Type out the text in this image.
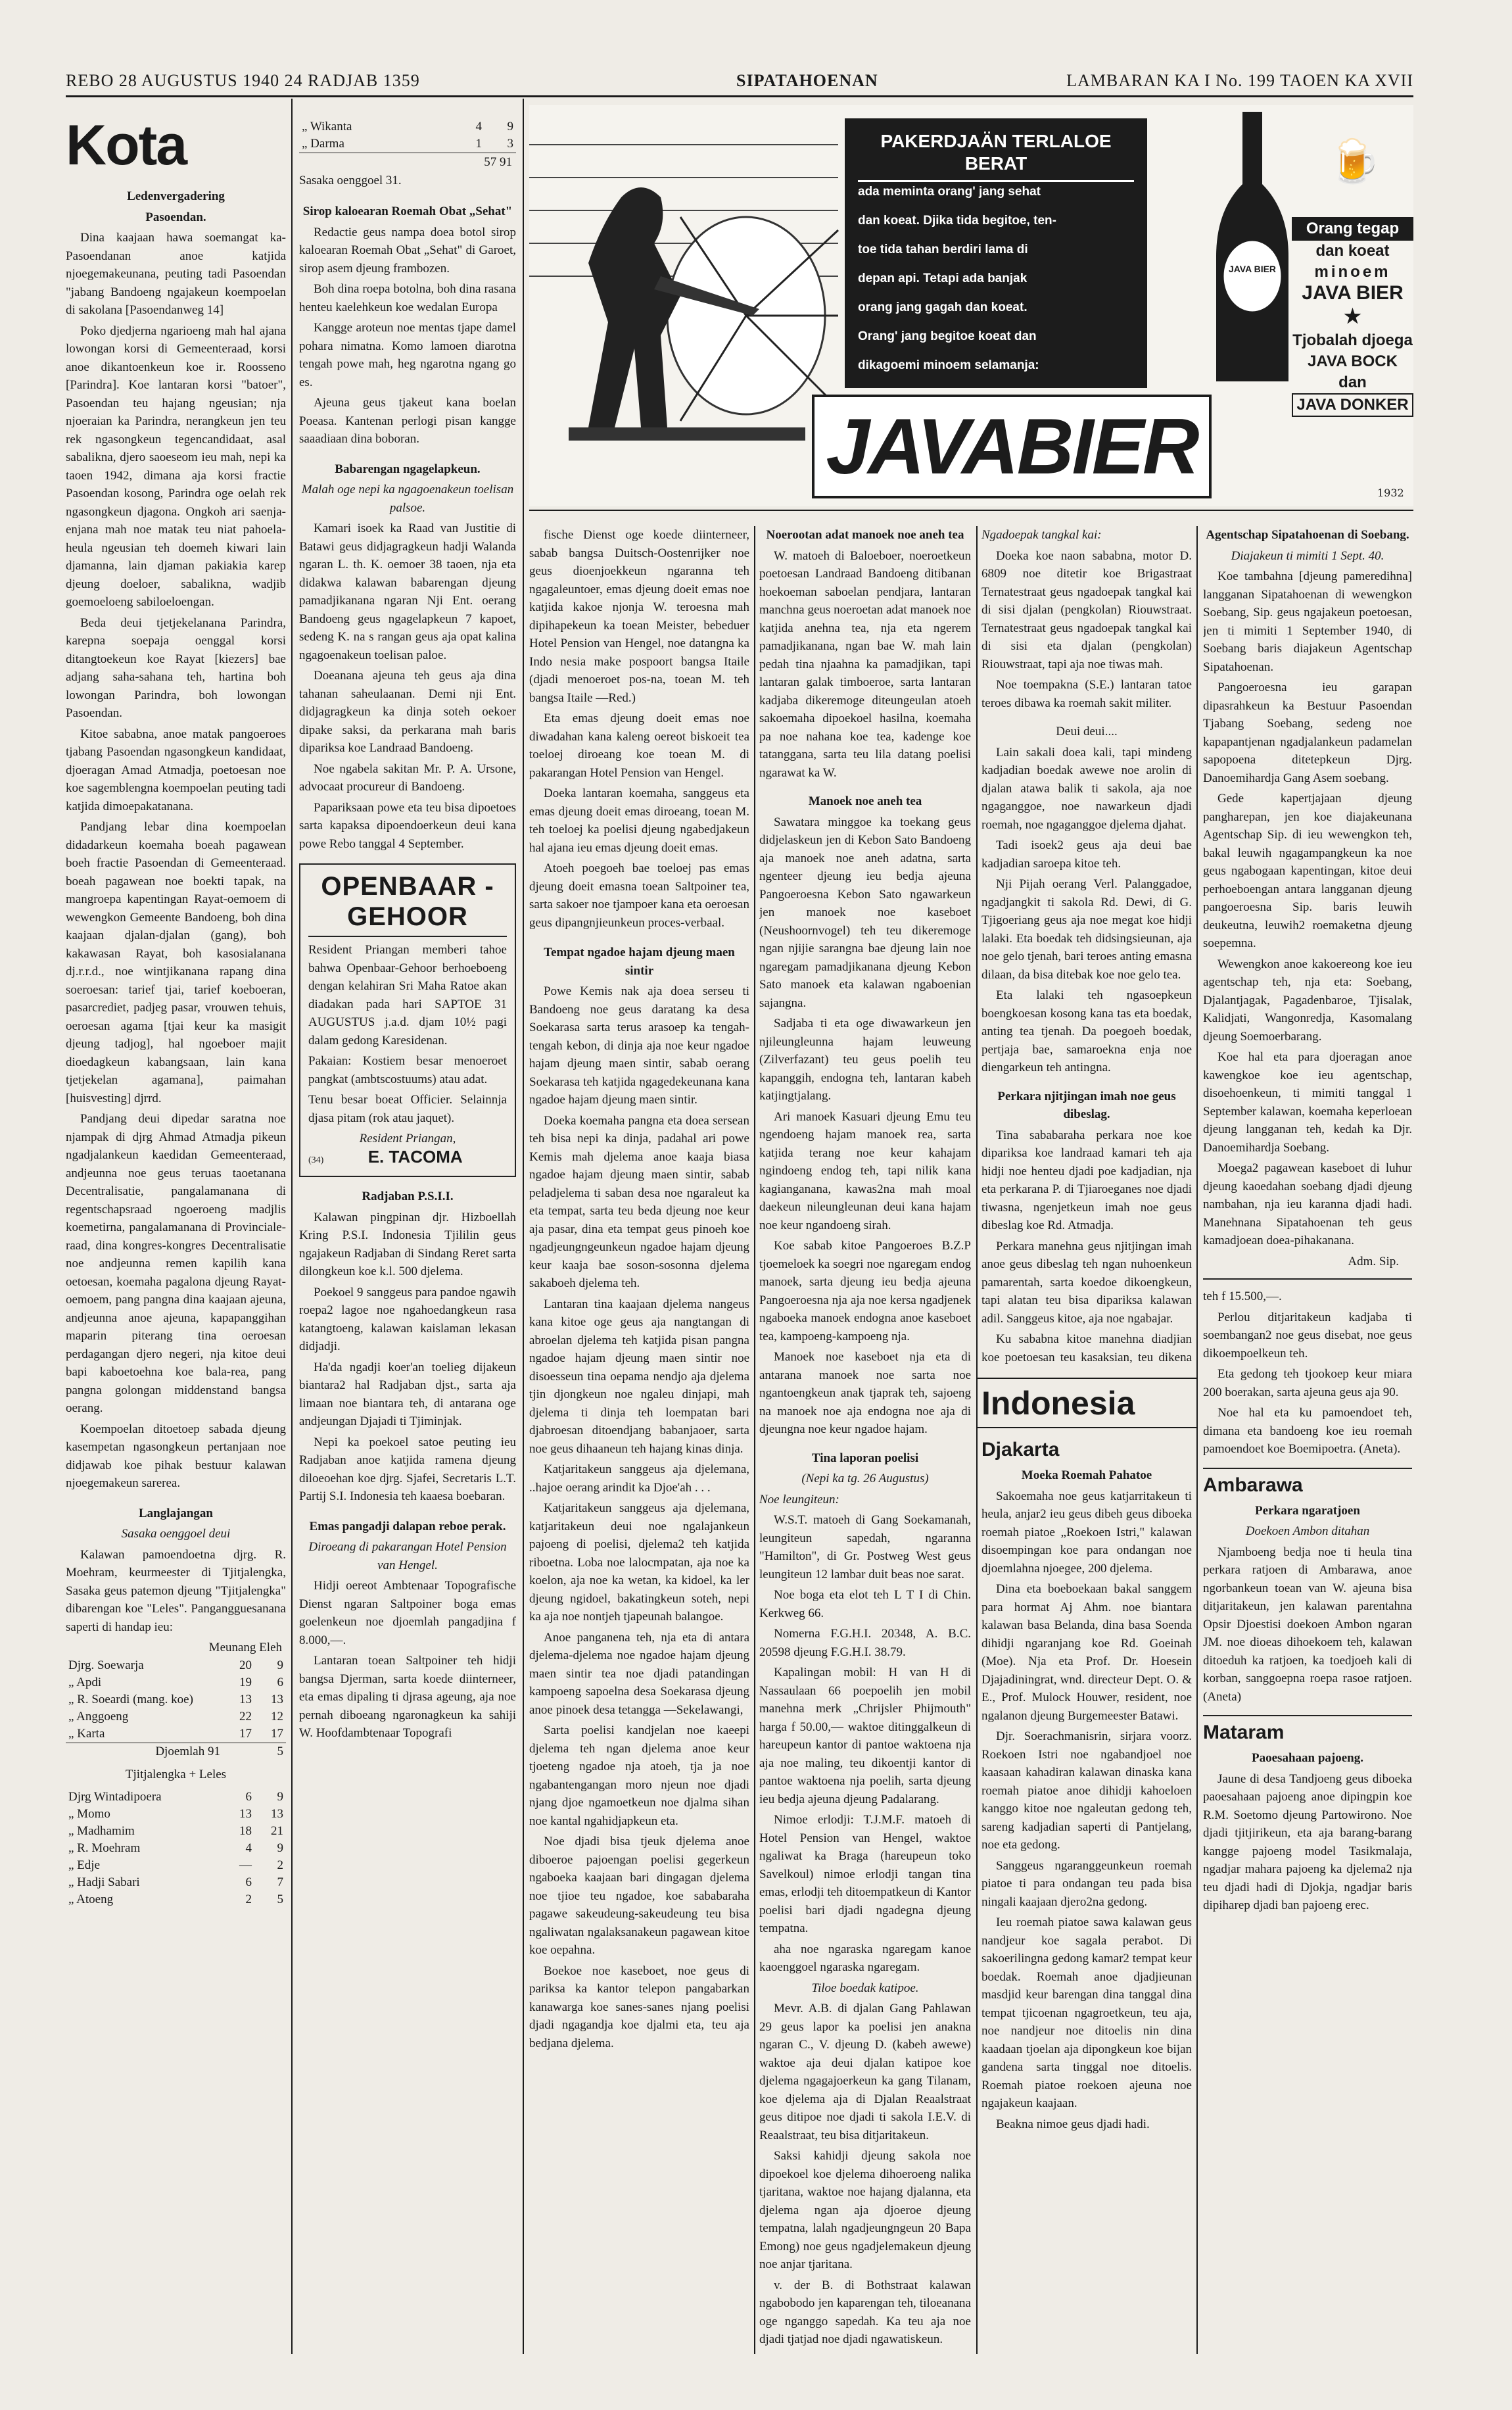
REBO 28 AUGUSTUS 1940 24 RADJAB 1359	SIPATAHOENAN	LAMBARAN KA I No. 199 TAOEN KA XVII
Kota

Ledenvergadering

Pasoendan.

Dina kaajaan hawa soemangat ka-Pasoendanan anoe katjida njoegemakeunana, peuting tadi Pasoendan "jabang Bandoeng ngajakeun koempoelan di sakolana [Pasoendanweg 14]

Poko djedjerna ngarioeng mah hal ajana lowongan korsi di Gemeenteraad, korsi anoe dikantoenkeun koe ir. Roosseno [Parindra]. Koe lantaran korsi "batoer", Pasoendan teu hajang ngeusian; nja njoeraian ka Parindra, nerangkeun jen teu rek ngasongkeun tegencandidaat, asal sabalikna, djero saoeseom ieu mah, nepi ka taoen 1942, dimana aja korsi fractie Pasoendan kosong, Parindra oge oelah rek ngasongkeun djagona. Ongkoh ari saenja-enjana mah noe matak teu niat pahoela-heula ngeusian teh doemeh kiwari lain djamanna, lain djaman pakiakia karep djeung doeloer, sabalikna, wadjib goemoeloeng sabiloeloengan.

Beda deui tjetjekelanana Parindra, karepna soepaja oenggal korsi ditangtoekeun koe Rayat [kiezers] bae adjang saha-sahana teh, hartina boh lowongan Parindra, boh lowongan Pasoendan.

Kitoe sababna, anoe matak pangoeroes tjabang Pasoendan ngasongkeun kandidaat, djoeragan Amad Atmadja, poetoesan noe koe sagemblengna koempoelan peuting tadi katjida dimoepakatanana.

Pandjang lebar dina koempoelan didadarkeun koemaha boeah pagawean boeh fractie Pasoendan di Gemeenteraad. boeah pagawean noe boekti tapak, na mangroepa kapentingan Rayat-oemoem di wewengkon Gemeente Bandoeng, boh dina kaajaan djalan-djalan (gang), boh kakawasan Rayat, boh kasosialanana dj.r.r.d., noe wintjikanana rapang dina soeroesan: tarief tjai, tarief koeboeran, pasarcrediet, padjeg pasar, vrouwen tehuis, oeroesan agama [tjai keur ka masigit djeung tadjog], hal ngoeboer majit dioedagkeun kabangsaan, lain kana tjetjekelan agamana], paimahan [huisvesting] djrrd.

Pandjang deui dipedar saratna noe njampak di djrg Ahmad Atmadja pikeun ngadjalankeun kaedidan Gemeenteraad, andjeunna noe geus teruas taoetanana Decentralisatie, pangalamanana di regentschapsraad ngoeroeng madjlis koemetirna, pangalamanana di Provinciale-raad, dina kongres-kongres Decentralisatie noe andjeunna remen kapilih kana oetoesan, koemaha pagalona djeung Rayat-oemoem, pang pangna dina kaajaan ajeuna, andjeunna anoe ajeuna, kapapanggihan maparin piterang tina oeroesan perdagangan djero negeri, nja kitoe deui bapi kaboetoehna koe bala-rea, pang pangna golongan middenstand bangsa oerang.

Koempoelan ditoetoep sabada djeung kasempetan ngasongkeun pertanjaan noe didjawab koe pihak bestuur kalawan njoegemakeun sarerea.

Langlajangan

Sasaka oenggoel deui

Kalawan pamoendoetna djrg. R. Moehram, keurmeester di Tjitjalengka, Sasaka geus patemon djeung "Tjitjalengka" dibarengan koe "Leles". Pangangguesanana saperti di handap ieu:

Meunang Eleh
Djrg. Soewarja	20	9
„ Apdi	19	6
„ R. Soeardi (mang. koe)	13	13
„ Anggoeng	22	12
„ Karta	17	17
Djoemlah 91		5
Tjitjalengka + Leles
Djrg Wintadipoera	6	9
„ Momo	13	13
„ Madhamim	18	21
„ R. Moehram	4	9
„ Edje	—	2
„ Hadji Sabari	6	7
„ Atoeng	2	5
„ Wikanta	4	9
„ Darma	1	3
57 91
Sasaka oenggoel 31.

Sirop kaloearan Roemah Obat „Sehat"

Redactie geus nampa doea botol sirop kaloearan Roemah Obat „Sehat" di Garoet, sirop asem djeung frambozen.

Boh dina roepa botolna, boh dina rasana henteu kaelehkeun koe wedalan Europa

Kangge aroteun noe mentas tjape damel pohara nimatna. Komo lamoen diarotna tengah powe mah, heg ngarotna ngang go es.

Ajeuna geus tjakeut kana boelan Poeasa. Kantenan perlogi pisan kangge saaadiaan dina boboran.

Babarengan ngagelapkeun.

Malah oge nepi ka ngagoenakeun toelisan palsoe.

Kamari isoek ka Raad van Justitie di Batawi geus didjagragkeun hadji Walanda ngaran L. th. K. oemoer 38 taoen, nja eta didakwa kalawan babarengan djeung pamadjikanana ngaran Nji Ent. oerang Bandoeng geus ngagelapkeun 7 kapoet, sedeng K. na s rangan geus aja opat kalina ngagoenakeun toelisan paloe.

Doeanana ajeuna teh geus aja dina tahanan saheulaanan. Demi nji Ent. didjagragkeun ka dinja soteh oekoer dipake saksi, da perkarana mah baris dipariksa koe Landraad Bandoeng.

Noe ngabela sakitan Mr. P. A. Ursone, advocaat procureur di Bandoeng.

Papariksaan powe eta teu bisa dipoetoes sarta kapaksa dipoendoerkeun deui kana powe Rebo tanggal 4 September.

OPENBAAR - GEHOOR

Resident Priangan memberi tahoe bahwa Openbaar-Gehoor berhoeboeng dengan kelahiran Sri Maha Ratoe akan diadakan pada hari SAPTOE 31 AUGUSTUS j.a.d. djam 10½ pagi dalam gedong Karesidenan.

Pakaian: Kostiem besar menoeroet pangkat (ambtscostuums) atau adat.

Tenu besar boeat Officier. Selainnja djasa pitam (rok atau jaquet).

Resident Priangan,
(34)	E. TACOMA

Radjaban P.S.I.I.

Kalawan pingpinan djr. Hizboellah Kring P.S.I. Indonesia Tjililin geus ngajakeun Radjaban di Sindang Reret sarta dilongkeun koe k.l. 500 djelema.

Poekoel 9 sanggeus para pandoe ngawih roepa2 lagoe noe ngahoedangkeun rasa katangtoeng, kalawan kaislaman lekasan didjadji.

Ha'da ngadji koer'an toelieg dijakeun biantara2 hal Radjaban djst., sarta aja limaan noe biantara teh, di antarana oge andjeungan Djajadi ti Tjiminjak.

Nepi ka poekoel satoe peuting ieu Radjaban anoe katjida ramena djeung diloeoehan koe djrg. Sjafei, Secretaris L.T. Partij S.I. Indonesia teh kaaesa boebaran.

Emas pangadji dalapan reboe perak.

Diroeang di pakarangan Hotel Pension van Hengel.

Hidji oereot Ambtenaar Topografische Dienst ngaran Saltpoiner boga emas goelenkeun noe djoemlah pangadjina f 8.000,—.

Lantaran toean Saltpoiner teh hidji bangsa Djerman, sarta koede diinterneer, eta emas dipaling ti djrasa ageung, aja noe pernah diboeang ngaronagkeun ka sahiji W. Hoofdambtenaar Topografi

PAKERDJAÄN TERLALOE BERAT
ada meminta orang' jang sehat
dan koeat. Djika tida begitoe, ten-
toe tida tahan berdiri lama di
depan api. Tetapi ada banjak
orang jang gagah dan koeat.
Orang' jang begitoe koeat dan
dikagoemi minoem selamanja:
JAVABIER
JAVA BIER
🍺
Orang tegap
dan koeat
minoem
JAVA BIER
★
Tjobalah djoega
JAVA BOCK dan
JAVA DONKER
1932

fische Dienst oge koede diinterneer, sabab bangsa Duitsch-Oostenrijker noe geus dioenjoekkeun ngaranna teh ngagaleuntoer, emas djeung doeit emas noe katjida kakoe njonja W. teroesna mah dipihapekeun ka toean Meister, bebeduer Hotel Pension van Hengel, noe datangna ka Indo nesia make pospoort bangsa Itaile (djadi menoeroet pos-na, toean M. teh bangsa Itaile —Red.)

Eta emas djeung doeit emas noe diwadahan kana kaleng oereot biskoeit tea toeloej diroeang koe toean M. di pakarangan Hotel Pension van Hengel.

Doeka lantaran koemaha, sanggeus eta emas djeung doeit emas diroeang, toean M. teh toeloej ka poelisi djeung ngabedjakeun hal ajana ieu emas djeung doeit emas.

Atoeh poegoeh bae toeloej pas emas djeung doeit emasna toean Saltpoiner tea, sarta sakoer noe tjampoer kana eta oeroesan geus dipangnjieunkeun proces-verbaal.

Tempat ngadoe hajam djeung maen sintir

Powe Kemis nak aja doea serseu ti Bandoeng noe geus daratang ka desa Soekarasa sarta terus arasoep ka tengah-tengah kebon, di dinja aja noe keur ngadoe hajam djeung maen sintir, sabab oerang Soekarasa teh katjida ngagedekeunana kana ngadoe hajam djeung maen sintir.

Doeka koemaha pangna eta doea sersean teh bisa nepi ka dinja, padahal ari powe Kemis mah djelema anoe kaaja biasa ngadoe hajam djeung maen sintir, sabab peladjelema ti saban desa noe ngaraleut ka eta tempat, sarta teu beda djeung noe keur aja pasar, dina eta tempat geus pinoeh koe ngadjeungngeunkeun ngadoe hajam djeung keur kaaja bae soson-sosonna djelema sakaboeh djelema teh.

Lantaran tina kaajaan djelema nangeus kana kitoe oge geus aja nangtangan di abroelan djelema teh katjida pisan pangna ngadoe hajam djeung maen sintir noe disoesseun tina oepama nendjo aja djelema tjin djongkeun noe ngaleu dinjapi, mah djelema ti dinja teh loempatan bari djabroesan ditoendjang babanjaoer, sarta noe geus dihaaneun teh hajang kinas dinja.

Katjaritakeun sanggeus aja djelemana, ..hajoe oerang arindit ka Djoe'ah . . .

Katjaritakeun sanggeus aja djelemana, katjaritakeun deui noe ngalajankeun pajoeng di poelisi, djelema2 teh katjida riboetna. Loba noe lalocmpatan, aja noe ka koelon, aja noe ka wetan, ka kidoel, ka ler djeung ngidoel, bakatingkeun soteh, nepi ka aja noe nontjeh tjapeunah balangoe.

Anoe panganena teh, nja eta di antara djelema-djelema noe ngadoe hajam djeung maen sintir tea noe djadi patandingan kampoeng sapoelna desa Soekarasa djeung anoe pinoek desa tetangga —Sekelawangi,

Sarta poelisi kandjelan noe kaeepi djelema teh ngan djelema anoe keur tjoeteng ngadoe nja atoeh, tja ja noe ngabantengangan moro njeun noe djadi njang djoe ngamoetkeun noe djalma sihan noe kantal ngahidjapkeun eta.

Noe djadi bisa tjeuk djelema anoe diboeroe pajoengan poelisi gegerkeun ngaboeka kaajaan bari dingagan djelema noe tjioe teu ngadoe, koe sababaraha pagawe sakeudeung-sakeudeung teu bisa ngaliwatan ngalaksanakeun pagawean kitoe koe oepahna.

Boekoe noe kaseboet, noe geus di pariksa ka kantor telepon pangabarkan kanawarga koe sanes-sanes njang poelisi djadi ngagandja koe djalmi eta, teu aja bedjana djelema.

Noerootan adat manoek noe aneh tea

W. matoeh di Baloeboer, noeroetkeun poetoesan Landraad Bandoeng ditibanan hoekoeman saboelan pendjara, lantaran manchna geus noeroetan adat manoek noe katjida anehna tea, nja eta ngerem pamadjikanana, ngan bae W. mah lain pedah tina njaahna ka pamadjikan, tapi lantaran galak timboeroe, sarta lantaran kadjaba dikeremoge diteungeulan atoeh sakoemaha dipoekoel hasilna, koemaha pa noe nahana koe tea, kadenge koe tatanggana, sarta teu lila datang poelisi ngarawat ka W.

Manoek noe aneh tea

Sawatara minggoe ka toekang geus didjelaskeun jen di Kebon Sato Bandoeng aja manoek noe aneh adatna, sarta ngenteer djeung ieu bedja ajeuna Pangoeroesna Kebon Sato ngawarkeun jen manoek noe kaseboet (Neushoornvogel) teh teu dikeremoge ngan njijie sarangna bae djeung lain noe ngaregam pamadjikanana djeung Kebon Sato manoek eta kalawan ngaboenian sajangna.

Sadjaba ti eta oge diwawarkeun jen njileungleunna hajam leuweung (Zilverfazant) teu geus poelih teu kapanggih, endogna teh, lantaran kabeh katjingtjalang.

Ari manoek Kasuari djeung Emu teu ngendoeng hajam manoek rea, sarta katjida terang noe keur kahajam ngindoeng endog teh, tapi nilik kana kagianganana, kawas2na mah moal daekeun nileungleunan deui kana hajam noe keur ngandoeng sirah.

Koe sabab kitoe Pangoeroes B.Z.P tjoemeloek ka soegri noe ngaregam endog manoek, sarta djeung ieu bedja ajeuna Pangoeroesna nja aja noe kersa ngadjenek ngaboeka manoek endogna anoe kaseboet tea, kampoeng-kampoeng nja.

Manoek noe kaseboet nja eta di antarana manoek noe sarta noe ngantoengkeun anak tjaprak teh, sajoeng na manoek noe aja endogna noe aja di djeungna noe keur ngadoe hajam.

Tina laporan poelisi

(Nepi ka tg. 26 Augustus)

Noe leungiteun:

W.S.T. matoeh di Gang Soekamanah, leungiteun sapedah, ngaranna "Hamilton", di Gr. Postweg West geus leungiteun 12 lambar duit beas noe sarat.

Noe boga eta elot teh L T I di Chin. Kerkweg 66.

Nomerna F.G.H.I. 20348, A. B.C. 20598 djeung F.G.H.I. 38.79.

Kapalingan mobil: H van H di Nassaulaan 66 poepoelih jen mobil manehna merk „Chrijsler Phijmouth" harga f 50.00,— waktoe ditinggalkeun di hareupeun kantor di pantoe waktoena nja aja noe maling, teu dikoentji kantor di pantoe waktoena nja poelih, sarta djeung ieu bedja ajeuna djeung Padalarang.

Nimoe erlodji: T.J.M.F. matoeh di Hotel Pension van Hengel, waktoe ngaliwat ka Braga (hareupeun toko Savelkoul) nimoe erlodji tangan tina emas, erlodji teh ditoempatkeun di Kantor poelisi bari djadi ngadegna djeung tempatna.

aha noe ngaraska ngaregam kanoe kaoenggoel ngaraska ngaregam.

Tiloe boedak katipoe.

Mevr. A.B. di djalan Gang Pahlawan 29 geus lapor ka poelisi jen anakna ngaran C., V. djeung D. (kabeh awewe) waktoe aja deui djalan katipoe koe djelema ngagajoerkeun ka gang Tilanam, koe djelema aja di Djalan Reaalstraat geus ditipoe noe djadi ti sakola I.E.V. di Reaalstraat, teu bisa ditjaritakeun.

Saksi kahidji djeung sakola noe dipoekoel koe djelema dihoeroeng nalika tjaritana, waktoe noe hajang djalanna, eta djelema ngan aja djoeroe djeung tempatna, lalah ngadjeungngeun 20 Bapa Emong) noe geus ngadjelemakeun djeung noe anjar tjaritana.

v. der B. di Bothstraat kalawan ngabobodo jen kaparengan teh, tiloeanana oge nganggo sapedah. Ka teu aja noe djadi tjatjad noe djadi ngawatiskeun.

Ngadoepak tangkal kai:

Doeka koe naon sababna, motor D. 6809 noe ditetir koe Brigastraat Ternatestraat geus ngadoepak tangkal kai di sisi djalan (pengkolan) Riouwstraat. Ternatestraat geus ngadoepak tangkal kai di sisi eta djalan (pengkolan) Riouwstraat, tapi aja noe tiwas mah.

Noe toempakna (S.E.) lantaran tatoe teroes dibawa ka roemah sakit militer.

Deui deui....

Lain sakali doea kali, tapi mindeng kadjadian boedak awewe noe arolin di djalan atawa balik ti sakola, aja noe ngaganggoe, noe nawarkeun djadi roemah, noe ngaganggoe djelema djahat.

Tadi isoek2 geus aja deui bae kadjadian saroepa kitoe teh.

Nji Pijah oerang Verl. Palanggadoe, ngadjangkit ti sakola Rd. Dewi, di G. Tjigoeriang geus aja noe megat koe hidji lalaki. Eta boedak teh didsingsieunan, aja noe gelo tjenah, bari teroes anting emasna dilaan, da bisa ditebak koe noe gelo tea.

Eta lalaki teh ngasoepkeun boengkoesan kosong kana tas eta boedak, anting tea tjenah. Da poegoeh boedak, pertjaja bae, samaroekna enja noe diengarkeun teh antingna.

Perkara njitjingan imah noe geus dibeslag.

Tina sababaraha perkara noe koe dipariksa koe landraad kamari teh aja hidji noe henteu djadi poe kadjadian, nja eta perkarana P. di Tjiaroeganes noe djadi tiwasna, ngenjetkeun imah noe geus dibeslag koe Rd. Atmadja.

Perkara manehna geus njitjingan imah anoe geus dibeslag teh ngan nuhoenkeun pamarentah, sarta koedoe dikoengkeun, tapi alatan teu bisa dipariksa kalawan adil. Sanggeus kitoe, aja noe ngabajar.

Ku sababna kitoe manehna diadjian koe poetoesan teu kasaksian, teu dikena

Indonesia

Djakarta

Moeka Roemah Pahatoe

Sakoemaha noe geus katjarritakeun ti heula, anjar2 ieu geus dibeh geus diboeka roemah piatoe „Roekoen Istri," kalawan disoempingan koe para ondangan noe djoemlahna njoegee, 200 djelema.

Dina eta boeboekaan bakal sanggem para hormat Aj Ahm. noe biantara kalawan basa Belanda, dina basa Soenda dihidji ngaranjang koe Rd. Goeinah (Moe). Nja eta Prof. Dr. Hoesein Djajadiningrat, wnd. directeur Dept. O. & E., Prof. Mulock Houwer, resident, noe ngalanon djeung Burgemeester Batawi.

Djr. Soerachmanisrin, sirjara voorz. Roekoen Istri noe ngabandjoel noe kaasaan kahadiran kalawan dinaska kana roemah piatoe anoe dihidji kahoeloen kanggo kitoe noe ngaleutan gedong teh, sareng kadjadian saperti di Pantjelang, noe eta gedong.

Sanggeus ngaranggeunkeun roemah piatoe ti para ondangan teu pada bisa ningali kaajaan djero2na gedong.

Ieu roemah piatoe sawa kalawan geus nandjeur koe sagala perabot. Di sakoerilingna gedong kamar2 tempat keur boedak. Roemah anoe djadjieunan masdjid keur barengan dina tanggal dina tempat tjicoenan ngagroetkeun, teu aja, noe nandjeur noe ditoelis nin dina kaadaan tjoelan aja dipongkeun koe bijan gandena sarta tinggal noe ditoelis. Roemah piatoe roekoen ajeuna noe ngajakeun kaajaan.

Beakna nimoe geus djadi hadi.

Agentschap Sipatahoenan di Soebang.

Diajakeun ti mimiti 1 Sept. 40.

Koe tambahna [djeung pameredihna] langganan Sipatahoenan di wewengkon Soebang, Sip. geus ngajakeun poetoesan, jen ti mimiti 1 September 1940, di Soebang baris diajakeun Agentschap Sipatahoenan.

Pangoeroesna ieu garapan dipasrahkeun ka Bestuur Pasoendan Tjabang Soebang, sedeng noe kapapantjenan ngadjalankeun padamelan sapopoena ditetepkeun Djrg. Danoemihardja Gang Asem soebang.

Gede kapertjajaan djeung pangharepan, jen koe diajakeunana Agentschap Sip. di ieu wewengkon teh, bakal leuwih ngagampangkeun ka noe geus ngabogaan kapentingan, kitoe deui perhoeboengan antara langganan djeung pangoeroesna Sip. baris leuwih deukeutna, leuwih2 roemaketna djeung soepemna.

Wewengkon anoe kakoereong koe ieu agentschap teh, nja eta: Soebang, Djalantjagak, Pagadenbaroe, Tjisalak, Kalidjati, Wangonredja, Kasomalang djeung Soemoerbarang.

Koe hal eta para djoeragan anoe kawengkoe koe ieu agentschap, disoehoenkeun, ti mimiti tanggal 1 September kalawan, koemaha keperloean djeung langganan teh, kedah ka Djr. Danoemihardja Soebang.

Moega2 pagawean kaseboet di luhur djeung kaoedahan soebang djadi djeung nambahan, nja ieu karanna djadi hadi. Manehnana Sipatahoenan teh geus kamadjoean doea-pihakanana.

Adm. Sip.

teh f 15.500,—.

Perlou ditjaritakeun kadjaba ti soembangan2 noe geus disebat, noe geus dikoempoelkeun teh.

Eta gedong teh tjookoep keur miara 200 boerakan, sarta ajeuna geus aja 90.

Noe hal eta ku pamoendoet teh, dimana eta bandoeng koe ieu roemah pamoendoet koe Boemipoetra. (Aneta).

Ambarawa

Perkara ngaratjoen

Doekoen Ambon ditahan

Njamboeng bedja noe ti heula tina perkara ratjoen di Ambarawa, anoe ngorbankeun toean van W. ajeuna bisa ditjaritakeun, jen kalawan parentahna Opsir Djoestisi doekoen Ambon ngaran JM. noe dioeas dihoekoem teh, kalawan ditoeduh ka ratjoen, ka toedjoeh kali di korban, sanggoepna roepa rasoe ratjoen. (Aneta)

Mataram

Paoesahaan pajoeng.

Jaune di desa Tandjoeng geus diboeka paoesahaan pajoeng anoe dipingpin koe R.M. Soetomo djeung Partowirono. Noe djadi tjitjirikeun, eta aja barang-barang kangge pajoeng model Tasikmalaja, ngadjar mahara pajoeng ka djelema2 nja teu djadi hadi di Djokja, ngadjar baris dipiharep djadi ban pajoeng erec.
